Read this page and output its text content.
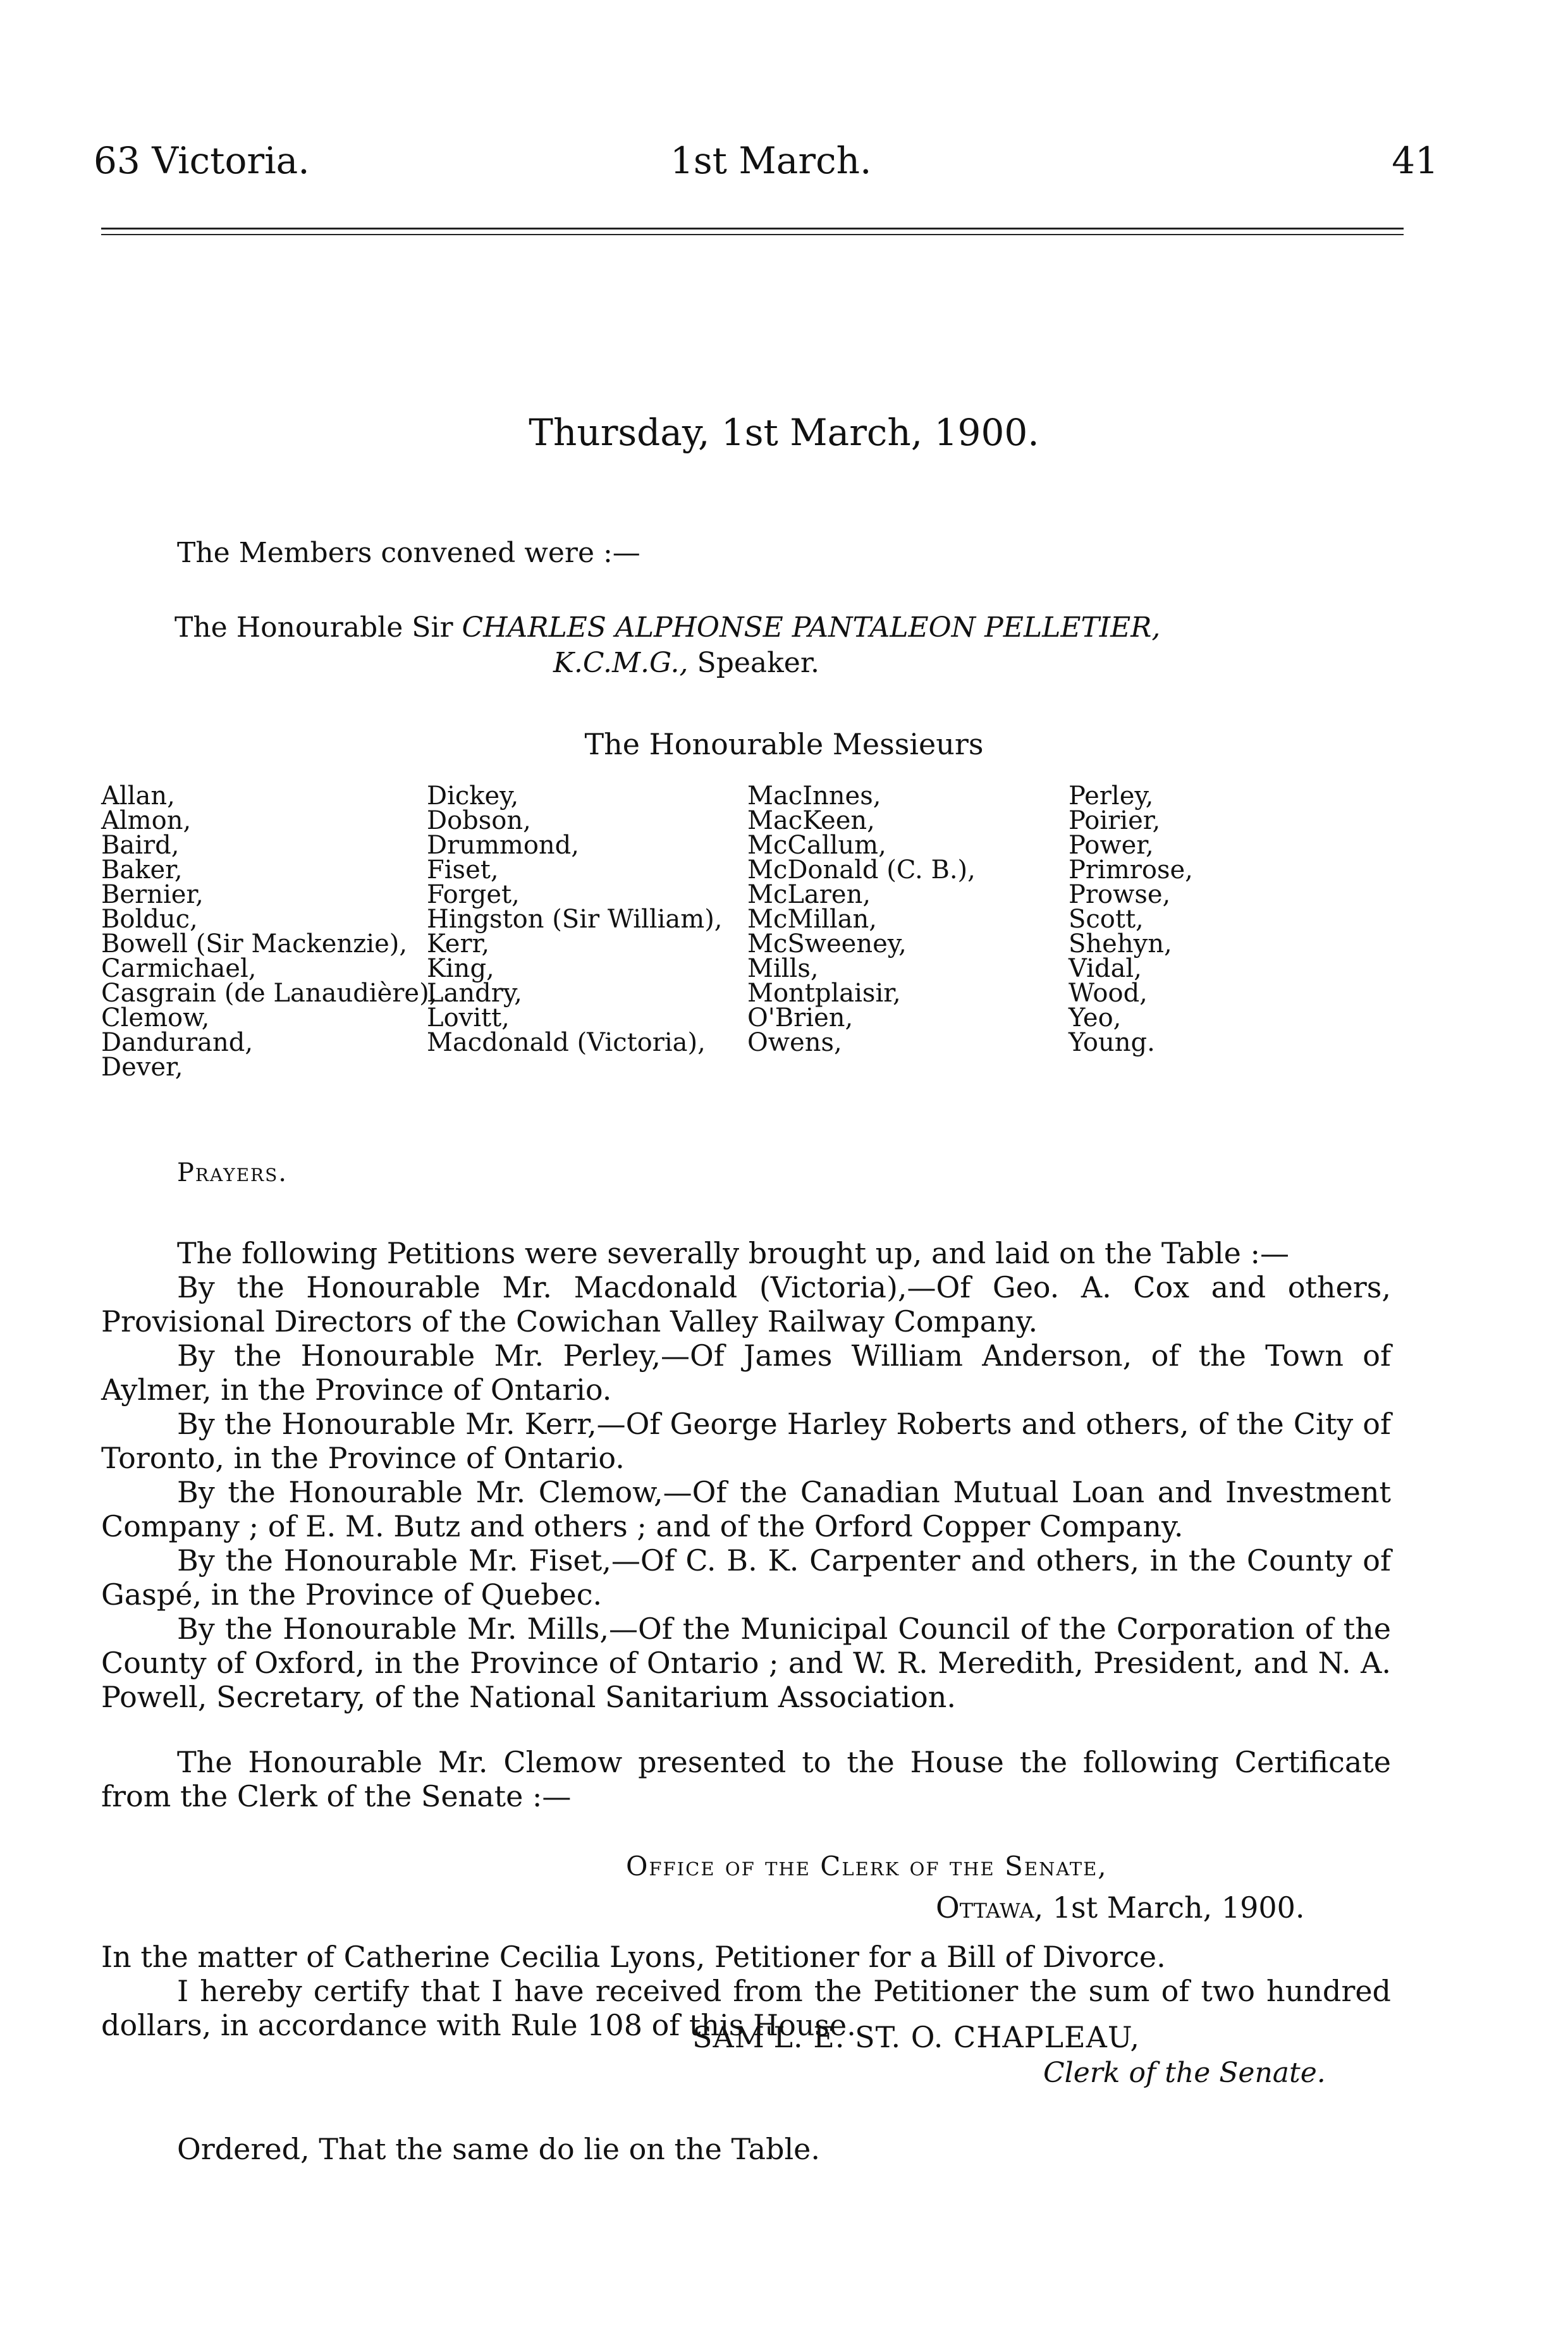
63 Victoria.	1st March.	41
Thursday, 1st March, 1900.
The Members convened were :—
The Honourable Sir CHARLES ALPHONSE PANTALEON PELLETIER,
K.C.M.G., Speaker.
The Honourable Messieurs
Allan,
Almon,
Baird,
Baker,
Bernier,
Bolduc,
Bowell (Sir Mackenzie),
Carmichael,
Casgrain (de Lanaudière),
Clemow,
Dandurand,
Dever,
Dickey,
Dobson,
Drummond,
Fiset,
Forget,
Hingston (Sir William),
Kerr,
King,
Landry,
Lovitt,
Macdonald (Victoria),
MacInnes,
MacKeen,
McCallum,
McDonald (C. B.),
McLaren,
McMillan,
McSweeney,
Mills,
Montplaisir,
O'Brien,
Owens,
Perley,
Poirier,
Power,
Primrose,
Prowse,
Scott,
Shehyn,
Vidal,
Wood,
Yeo,
Young.
Prayers.

The following Petitions were severally brought up, and laid on the Table :—

By the Honourable Mr. Macdonald (Victoria),—Of Geo. A. Cox and others, Provisional Directors of the Cowichan Valley Railway Company.

By the Honourable Mr. Perley,—Of James William Anderson, of the Town of Aylmer, in the Province of Ontario.

By the Honourable Mr. Kerr,—Of George Harley Roberts and others, of the City of Toronto, in the Province of Ontario.

By the Honourable Mr. Clemow,—Of the Canadian Mutual Loan and Investment Company ; of E. M. Butz and others ; and of the Orford Copper Company.

By the Honourable Mr. Fiset,—Of C. B. K. Carpenter and others, in the County of Gaspé, in the Province of Quebec.

By the Honourable Mr. Mills,—Of the Municipal Council of the Corporation of the County of Oxford, in the Province of Ontario ; and W. R. Meredith, President, and N. A. Powell, Secretary, of the National Sanitarium Association.

The Honourable Mr. Clemow presented to the House the following Certificate from the Clerk of the Senate :—

Office of the Clerk of the Senate,
Ottawa, 1st March, 1900.

In the matter of Catherine Cecilia Lyons, Petitioner for a Bill of Divorce.

I hereby certify that I have received from the Petitioner the sum of two hundred dollars, in accordance with Rule 108 of this House.

SAM'L. E. ST. O. CHAPLEAU,
Clerk of the Senate.
Ordered, That the same do lie on the Table.
